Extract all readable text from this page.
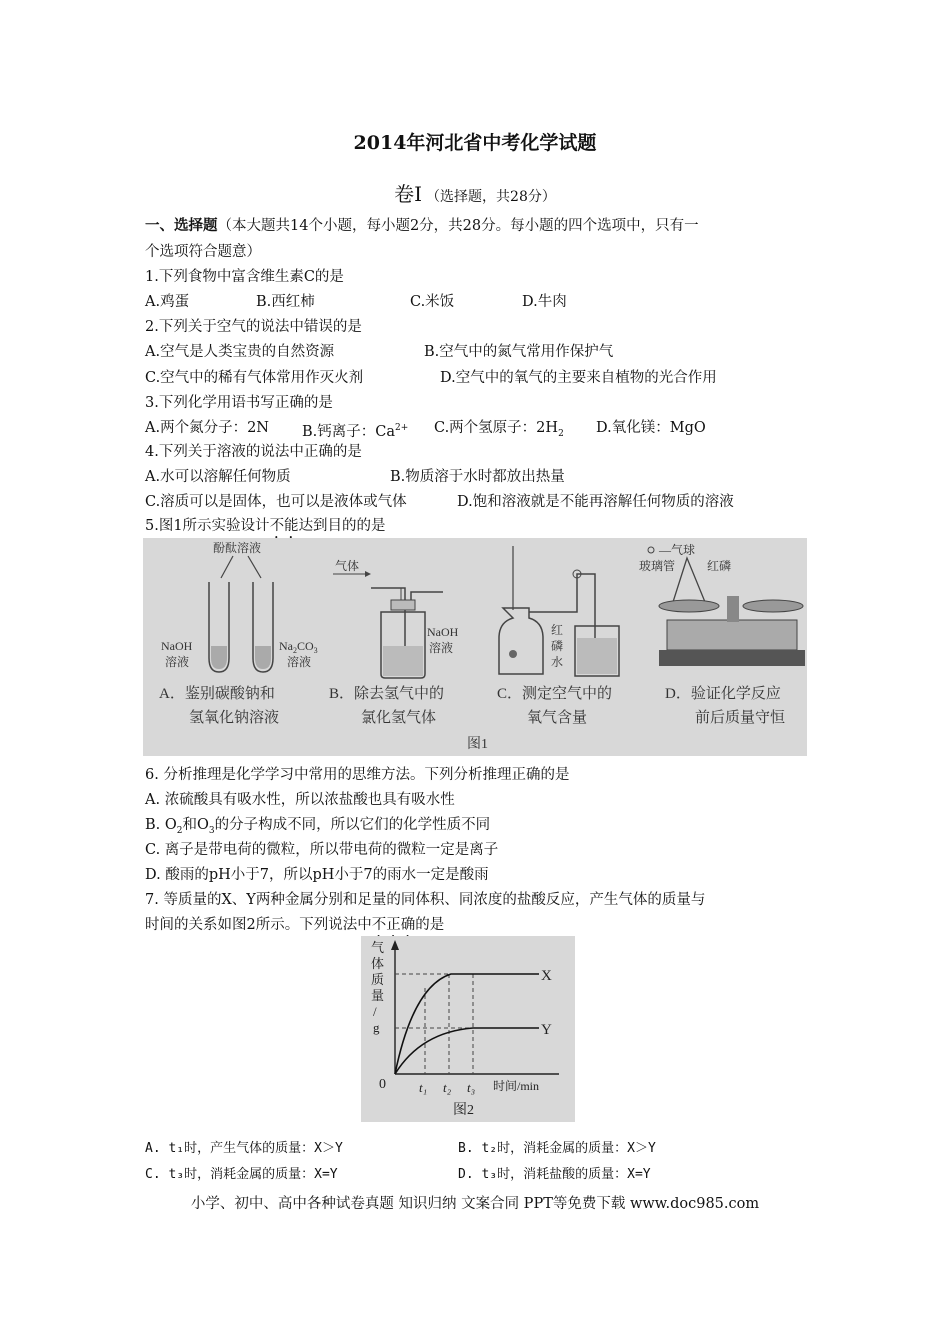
2014年河北省中考化学试题
卷Ⅰ （选择题，共28分）
一、选择题（本大题共14个小题，每小题2分，共28分。每小题的四个选项中，只有一
个选项符合题意）
1.下列食物中富含维生素C的是
A.鸡蛋	B.西红柿	C.米饭	D.牛肉
2.下列关于空气的说法中错误的是
A.空气是人类宝贵的自然资源	B.空气中的氮气常用作保护气
C.空气中的稀有气体常用作灭火剂	D.空气中的氧气的主要来自植物的光合作用
3.下列化学用语书写正确的是
A.两个氮分子：2N B.钙离子：$Ca^{2+}$ C.两个氢原子：$2H_2$ D.氧化镁：MgO
4.下列关于溶液的说法中正确的是
A.水可以溶解任何物质	B.物质溶于水时都放出热量
C.溶质可以是固体，也可以是液体或气体	D.饱和溶液就是不能再溶解任何物质的溶液
5.图1所示实验设计不能达到目的的是
酚酞溶液
NaOH
溶液
$Na_2CO_3$
溶液
A．鉴别碳酸钠和
氢氧化钠溶液
气体
NaOH
溶液
B．除去氢气中的
氯化氢气体
红
磷
水
C．测定空气中的
氧气含量
—气球
玻璃管	红磷
D．验证化学反应
前后质量守恒
图1
6. 分析推理是化学学习中常用的思维方法。下列分析推理正确的是
A. 浓硫酸具有吸水性，所以浓盐酸也具有吸水性
B. $O_2$和$O_3$的分子构成不同，所以它们的化学性质不同
C. 离子是带电荷的微粒，所以带电荷的微粒一定是离子
D. 酸雨的pH小于7，所以pH小于7的雨水一定是酸雨
7. 等质量的X、Y两种金属分别和足量的同体积、同浓度的盐酸反应，产生气体的质量与
时间的关系如图2所示。下列说法中不正确的是
气
体
质
量
/
g
X
Y
0	t₁ t₂ t₃ 时间/min
图2
A. t₁时，产生气体的质量：X＞Y	B. t₂时，消耗金属的质量：X＞Y
C. t₃时，消耗金属的质量：X=Y	D. t₃时，消耗盐酸的质量：X=Y
小学、初中、高中各种试卷真题 知识归纳 文案合同 PPT等免费下载 www.doc985.com
